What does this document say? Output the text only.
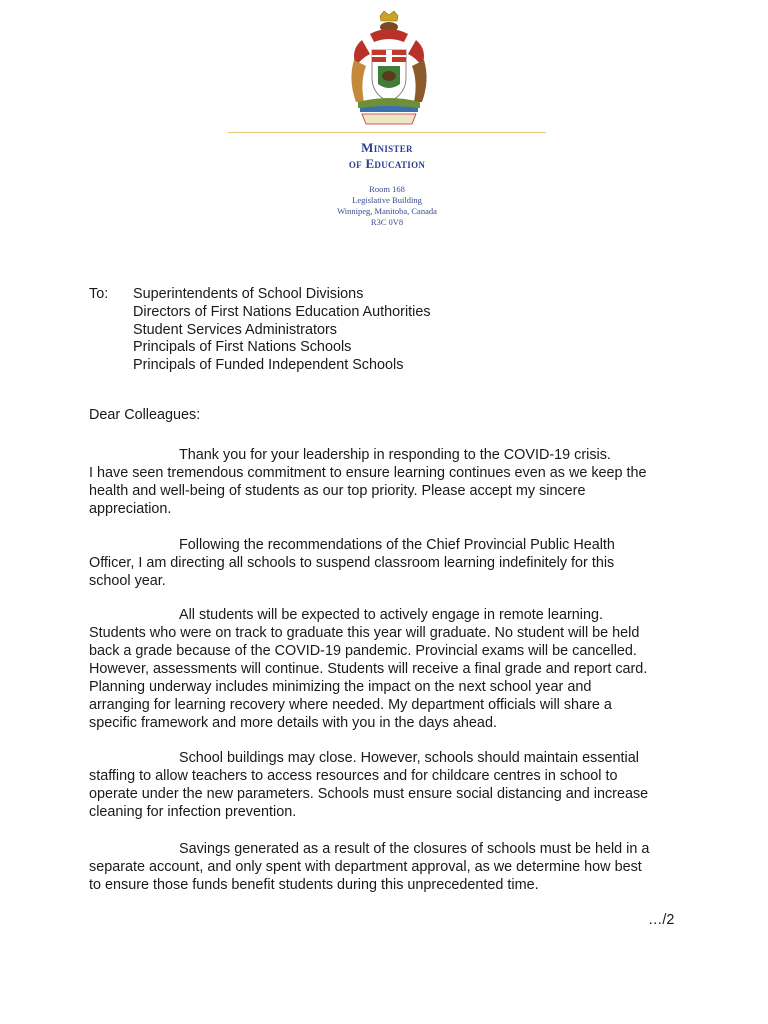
Minister
of Education
Room 168
Legislative Building
Winnipeg, Manitoba, Canada
R3C 0V8
To: Superintendents of School Divisions
Directors of First Nations Education Authorities
Student Services Administrators
Principals of First Nations Schools
Principals of Funded Independent Schools
Dear Colleagues:
Thank you for your leadership in responding to the COVID-19 crisis.
I have seen tremendous commitment to ensure learning continues even as we keep the
health and well-being of students as our top priority. Please accept my sincere
appreciation.
Following the recommendations of the Chief Provincial Public Health
Officer, I am directing all schools to suspend classroom learning indefinitely for this
school year.
All students will be expected to actively engage in remote learning.
Students who were on track to graduate this year will graduate. No student will be held
back a grade because of the COVID-19 pandemic. Provincial exams will be cancelled.
However, assessments will continue. Students will receive a final grade and report card.
Planning underway includes minimizing the impact on the next school year and
arranging for learning recovery where needed. My department officials will share a
specific framework and more details with you in the days ahead.
School buildings may close. However, schools should maintain essential
staffing to allow teachers to access resources and for childcare centres in school to
operate under the new parameters. Schools must ensure social distancing and increase
cleaning for infection prevention.
Savings generated as a result of the closures of schools must be held in a
separate account, and only spent with department approval, as we determine how best
to ensure those funds benefit students during this unprecedented time.
…/2
